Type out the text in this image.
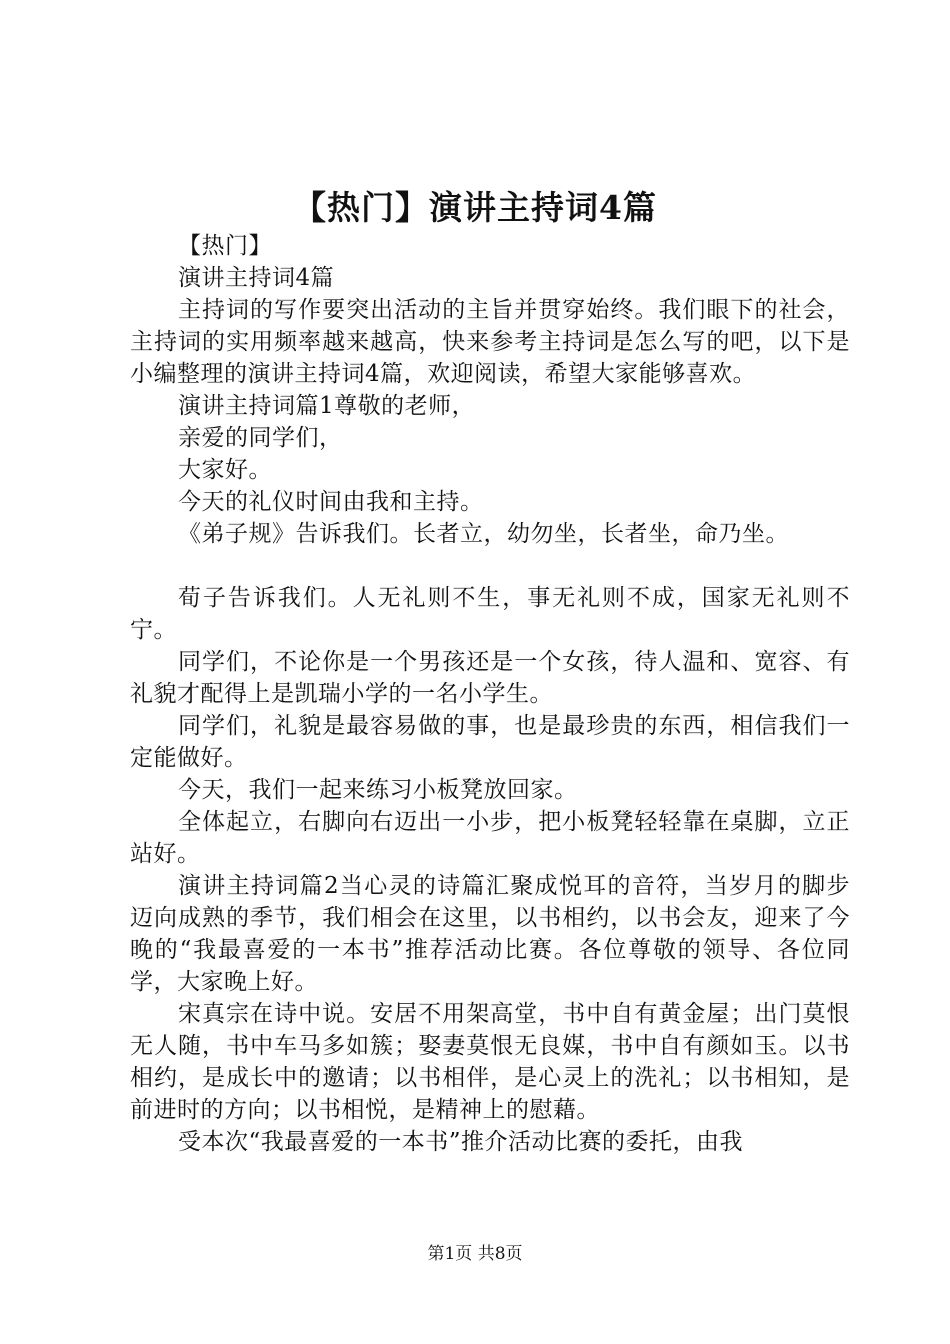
【热门】演讲主持词4篇

【热门】

演讲主持词4篇

主持词的写作要突出活动的主旨并贯穿始终。我们眼下的社会，主持词的实用频率越来越高，快来参考主持词是怎么写的吧，以下是小编整理的演讲主持词4篇，欢迎阅读，希望大家能够喜欢。

演讲主持词篇1尊敬的老师，

亲爱的同学们，

大家好。

今天的礼仪时间由我和主持。

《弟子规》告诉我们。长者立，幼勿坐，长者坐，命乃坐。

荀子告诉我们。人无礼则不生，事无礼则不成，国家无礼则不宁。

同学们，不论你是一个男孩还是一个女孩，待人温和、宽容、有礼貌才配得上是凯瑞小学的一名小学生。

同学们，礼貌是最容易做的事，也是最珍贵的东西，相信我们一定能做好。

今天，我们一起来练习小板凳放回家。

全体起立，右脚向右迈出一小步，把小板凳轻轻靠在桌脚，立正站好。

演讲主持词篇2当心灵的诗篇汇聚成悦耳的音符，当岁月的脚步迈向成熟的季节，我们相会在这里，以书相约，以书会友，迎来了今晚的“我最喜爱的一本书”推荐活动比赛。各位尊敬的领导、各位同学，大家晚上好。

宋真宗在诗中说。安居不用架高堂，书中自有黄金屋；出门莫恨无人随，书中车马多如簇；娶妻莫恨无良媒，书中自有颜如玉。以书相约，是成长中的邀请；以书相伴，是心灵上的洗礼；以书相知，是前进时的方向；以书相悦，是精神上的慰藉。

受本次“我最喜爱的一本书”推介活动比赛的委托，由我

第1页 共8页
